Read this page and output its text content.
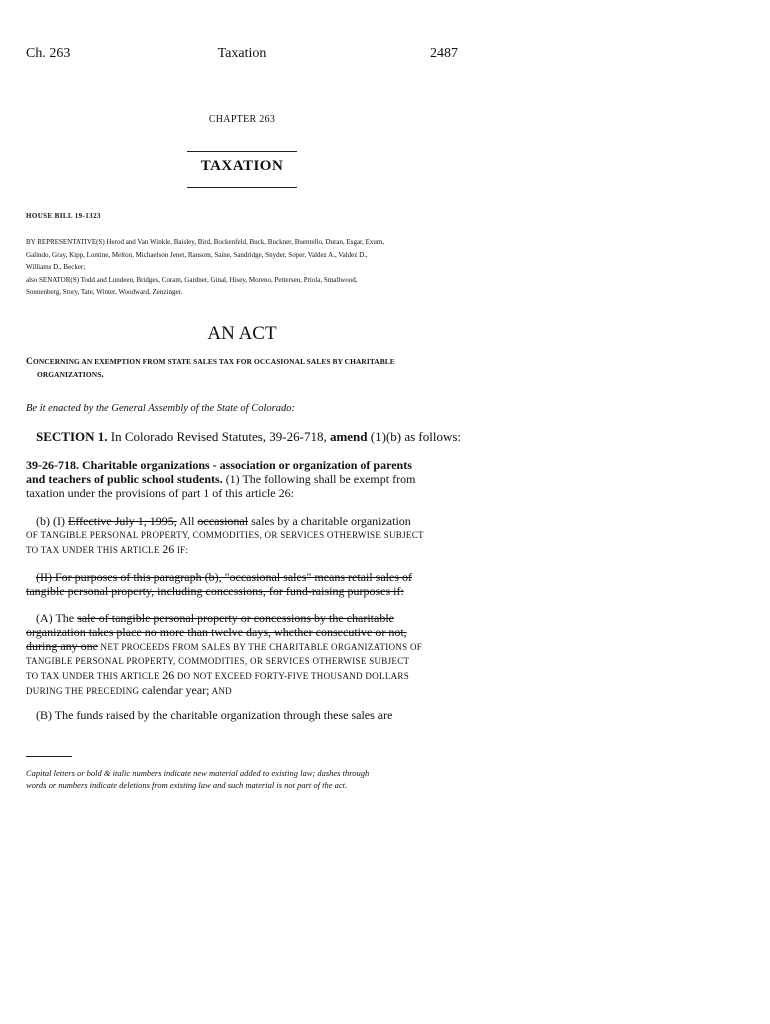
Ch. 263	Taxation	2487
CHAPTER 263
TAXATION
HOUSE BILL 19-1323
BY REPRESENTATIVE(S) Herod and Van Winkle, Baisley, Bird, Bockenfeld, Buck, Buckner, Buentello, Duran, Esgar, Exum,
Galindo, Gray, Kipp, Lontine, Melton, Michaelson Jenet, Ransom, Saine, Sandridge, Snyder, Soper, Valdez A., Valdez D.,
Williams D., Becker;
also SENATOR(S) Todd and Lundeen, Bridges, Coram, Gardner, Ginal, Hisey, Moreno, Pettersen, Priola, Smallwood,
Sonnenberg, Story, Tate, Winter, Woodward, Zenzinger.
AN ACT
CONCERNING AN EXEMPTION FROM STATE SALES TAX FOR OCCASIONAL SALES BY CHARITABLE
ORGANIZATIONS.
Be it enacted by the General Assembly of the State of Colorado:
SECTION 1. In Colorado Revised Statutes, 39-26-718, amend (1)(b) as follows:
39-26-718. Charitable organizations - association or organization of parents
and teachers of public school students. (1) The following shall be exempt from
taxation under the provisions of part 1 of this article 26:
(b) (I) Effective July 1, 1995, All occasional sales by a charitable organization
OF TANGIBLE PERSONAL PROPERTY, COMMODITIES, OR SERVICES OTHERWISE SUBJECT
TO TAX UNDER THIS ARTICLE 26 IF:
(II) For purposes of this paragraph (b), "occasional sales" means retail sales of
tangible personal property, including concessions, for fund-raising purposes if:
(A) The sale of tangible personal property or concessions by the charitable
organization takes place no more than twelve days, whether consecutive or not,
during any one NET PROCEEDS FROM SALES BY THE CHARITABLE ORGANIZATIONS OF
TANGIBLE PERSONAL PROPERTY, COMMODITIES, OR SERVICES OTHERWISE SUBJECT
TO TAX UNDER THIS ARTICLE 26 DO NOT EXCEED FORTY-FIVE THOUSAND DOLLARS
DURING THE PRECEDING calendar year; AND
(B) The funds raised by the charitable organization through these sales are
Capital letters or bold & italic numbers indicate new material added to existing law; dashes through
words or numbers indicate deletions from existing law and such material is not part of the act.
